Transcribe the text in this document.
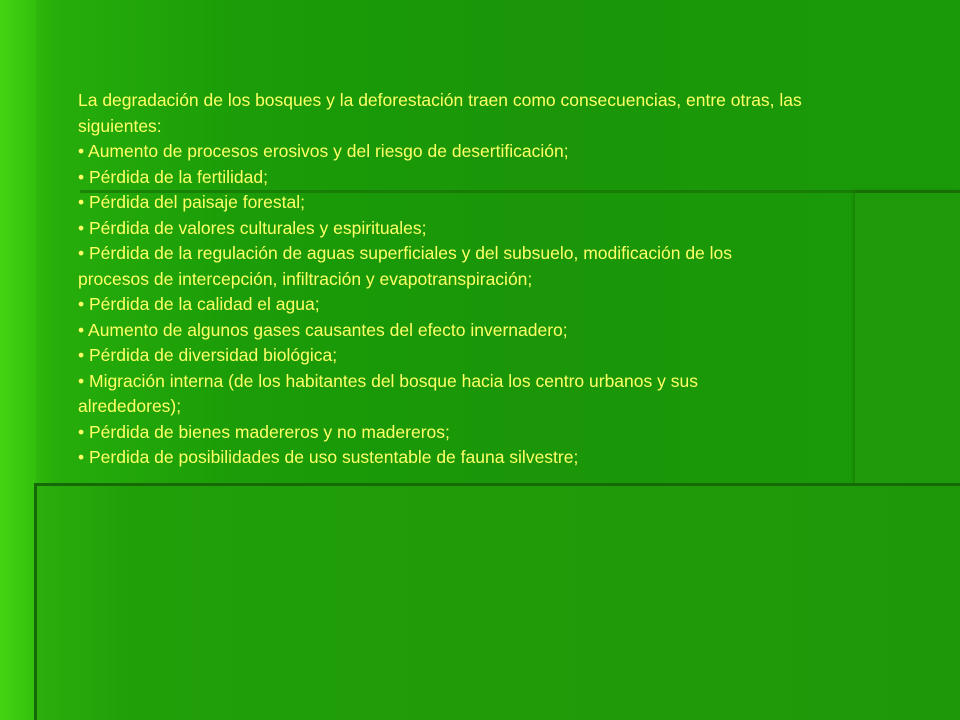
La degradación de los bosques y la deforestación traen como consecuencias, entre otras, las

siguientes:

• Aumento de procesos erosivos y del riesgo de desertificación;

• Pérdida de la fertilidad;

• Pérdida del paisaje forestal;

• Pérdida de valores culturales y espirituales;

• Pérdida de la regulación de aguas superficiales y del subsuelo, modificación de los

procesos de intercepción, infiltración y evapotranspiración;

• Pérdida de la calidad el agua;

• Aumento de algunos gases causantes del efecto invernadero;

• Pérdida de diversidad biológica;

• Migración interna (de los habitantes del bosque hacia los centro urbanos y sus

alrededores);

• Pérdida de bienes madereros y no madereros;

• Perdida de posibilidades de uso sustentable de fauna silvestre;
